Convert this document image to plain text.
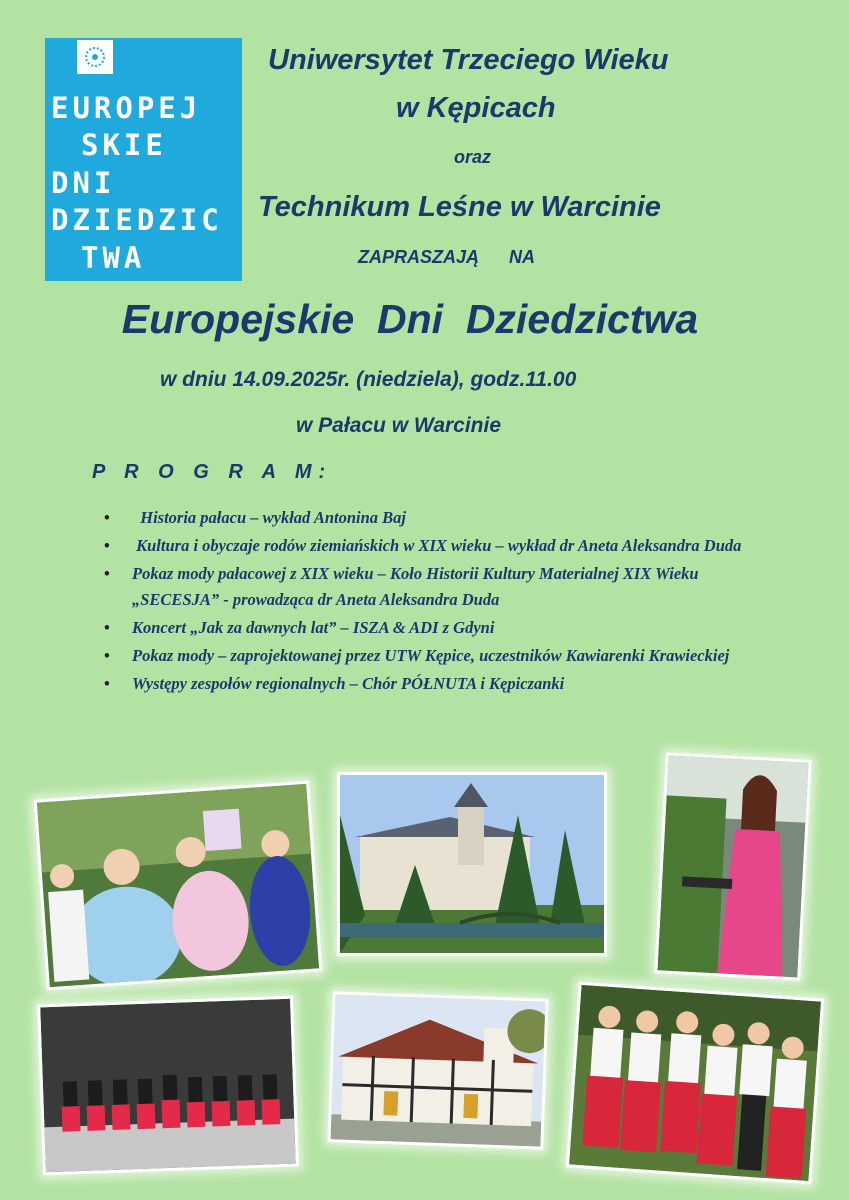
EUROPEJ
SKIE
DNI
DZIEDZIC
TWA
Uniwersytet Trzeciego Wieku
w Kępicach
oraz
Technikum Leśne w Warcinie
ZAPRASZAJĄ      NA
Europejskie  Dni  Dziedzictwa
w dniu 14.09.2025r. (niedziela), godz.11.00
w Pałacu w Warcinie
P R O G R A M:
•   Historia pałacu – wykład Antonina Baj
•  Kultura i obyczaje rodów ziemiańskich w XIX wieku – wykład dr Aneta Aleksandra Duda
• Pokaz mody pałacowej z XIX wieku – Koło Historii Kultury Materialnej XIX Wieku „SECESJA” - prowadząca dr Aneta Aleksandra Duda
• Koncert „Jak za dawnych lat” – ISZA & ADI z Gdyni
• Pokaz mody – zaprojektowanej przez UTW Kępice, uczestników Kawiarenki Krawieckiej
• Występy zespołów regionalnych – Chór PÓŁNUTA i Kępiczanki
